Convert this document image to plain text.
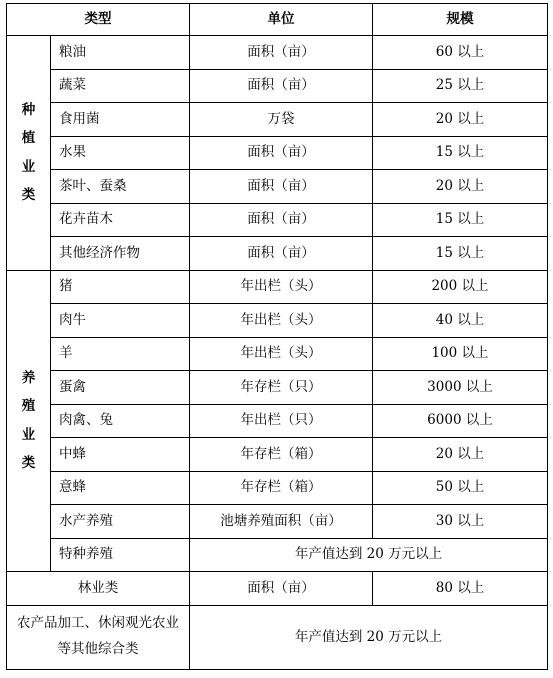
类型		单位	规模

种植业类	粮油	面积（亩）	60 以上
	蔬菜	面积（亩）	25 以上
	食用菌	万袋	20 以上
	水果	面积（亩）	15 以上
	茶叶、蚕桑	面积（亩）	20 以上
	花卉苗木	面积（亩）	15 以上
	其他经济作物	面积（亩）	15 以上

养殖业类	猪	年出栏（头）	200 以上
	肉牛	年出栏（头）	40 以上
	羊	年出栏（头）	100 以上
	蛋禽	年存栏（只）	3000 以上
	肉禽、兔	年出栏（只）	6000 以上
	中蜂	年存栏（箱）	20 以上
	意蜂	年存栏（箱）	50 以上
	水产养殖	池塘养殖面积（亩）	30 以上
	特种养殖	年产值达到 20 万元以上	
林业类		面积（亩）	80 以上
农产品加工、休闲观光农业等其他综合类		年产值达到 20 万元以上	
